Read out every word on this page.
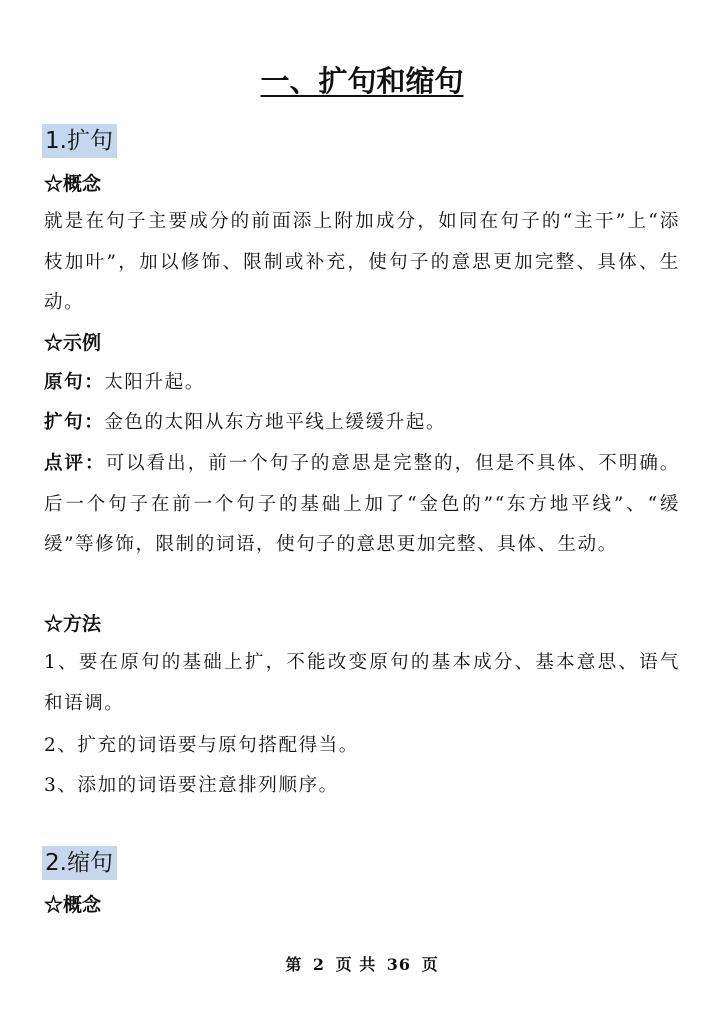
一、扩句和缩句
1.扩句
☆概念
就是在句子主要成分的前面添上附加成分，如同在句子的“主干”上“添枝加叶”，加以修饰、限制或补充，使句子的意思更加完整、具体、生动。
☆示例
原句：太阳升起。
扩句：金色的太阳从东方地平线上缓缓升起。
点评：可以看出，前一个句子的意思是完整的，但是不具体、不明确。后一个句子在前一个句子的基础上加了“金色的”“东方地平线”、“缓缓”等修饰，限制的词语，使句子的意思更加完整、具体、生动。
☆方法
1、要在原句的基础上扩，不能改变原句的基本成分、基本意思、语气和语调。
2、扩充的词语要与原句搭配得当。
3、添加的词语要注意排列顺序。
2.缩句
☆概念
第 2 页 共 36 页
